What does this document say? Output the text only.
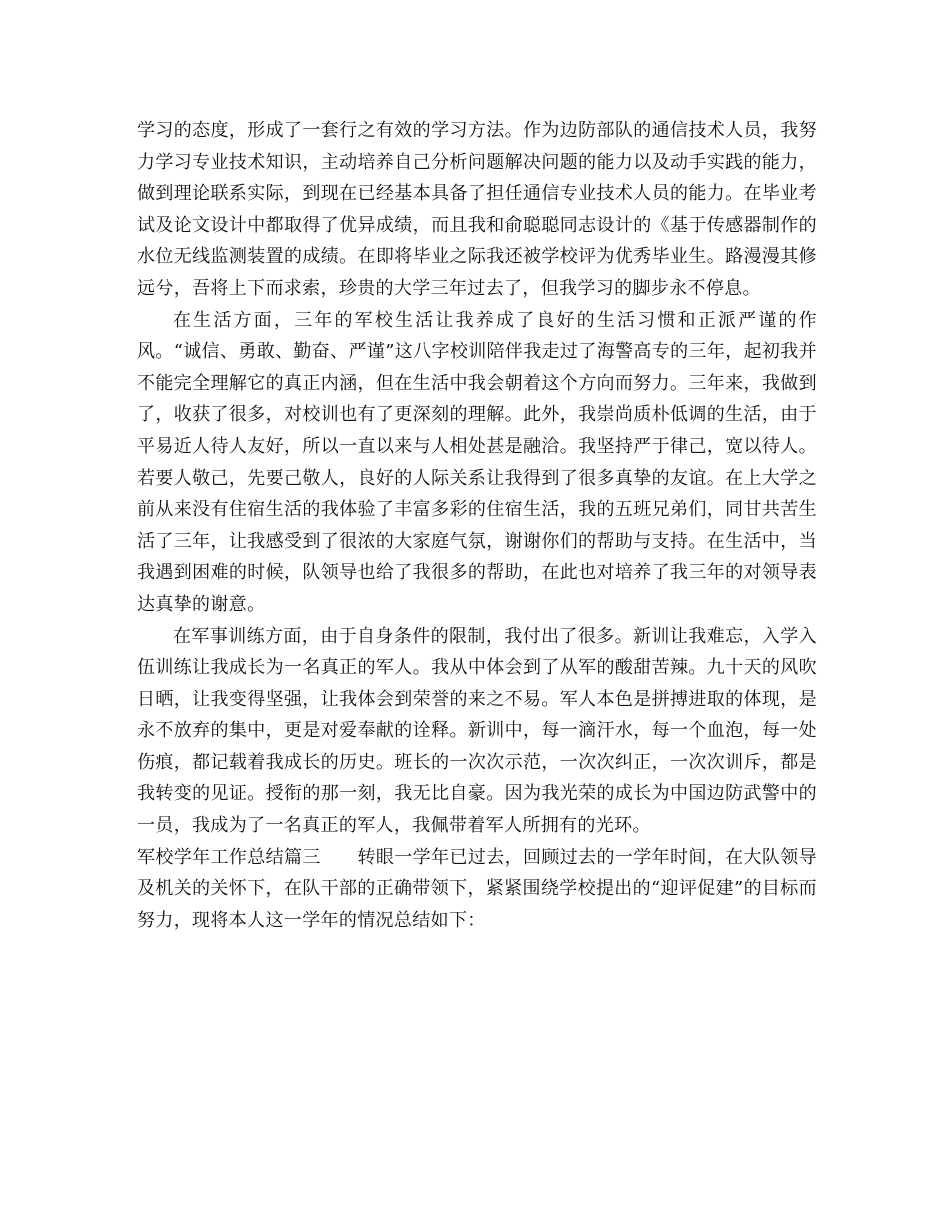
学习的态度，形成了一套行之有效的学习方法。作为边防部队的通信技术人员，我努力学习专业技术知识，主动培养自己分析问题解决问题的能力以及动手实践的能力，做到理论联系实际，到现在已经基本具备了担任通信专业技术人员的能力。在毕业考试及论文设计中都取得了优异成绩，而且我和俞聪聪同志设计的《基于传感器制作的水位无线监测装置的成绩。在即将毕业之际我还被学校评为优秀毕业生。路漫漫其修远兮，吾将上下而求索，珍贵的大学三年过去了，但我学习的脚步永不停息。

在生活方面，三年的军校生活让我养成了良好的生活习惯和正派严谨的作风。“诚信、勇敢、勤奋、严谨”这八字校训陪伴我走过了海警高专的三年，起初我并不能完全理解它的真正内涵，但在生活中我会朝着这个方向而努力。三年来，我做到了，收获了很多，对校训也有了更深刻的理解。此外，我崇尚质朴低调的生活，由于平易近人待人友好，所以一直以来与人相处甚是融洽。我坚持严于律己，宽以待人。若要人敬己，先要己敬人，良好的人际关系让我得到了很多真挚的友谊。在上大学之前从来没有住宿生活的我体验了丰富多彩的住宿生活，我的五班兄弟们，同甘共苦生活了三年，让我感受到了很浓的大家庭气氛，谢谢你们的帮助与支持。在生活中，当我遇到困难的时候，队领导也给了我很多的帮助，在此也对培养了我三年的对领导表达真挚的谢意。

在军事训练方面，由于自身条件的限制，我付出了很多。新训让我难忘，入学入伍训练让我成长为一名真正的军人。我从中体会到了从军的酸甜苦辣。九十天的风吹日晒，让我变得坚强，让我体会到荣誉的来之不易。军人本色是拼搏进取的体现，是永不放弃的集中，更是对爱奉献的诠释。新训中，每一滴汗水，每一个血泡，每一处伤痕，都记载着我成长的历史。班长的一次次示范，一次次纠正，一次次训斥，都是我转变的见证。授衔的那一刻，我无比自豪。因为我光荣的成长为中国边防武警中的一员，我成为了一名真正的军人，我佩带着军人所拥有的光环。

军校学年工作总结篇三　　转眼一学年已过去，回顾过去的一学年时间，在大队领导及机关的关怀下，在队干部的正确带领下，紧紧围绕学校提出的“迎评促建”的目标而努力，现将本人这一学年的情况总结如下：
